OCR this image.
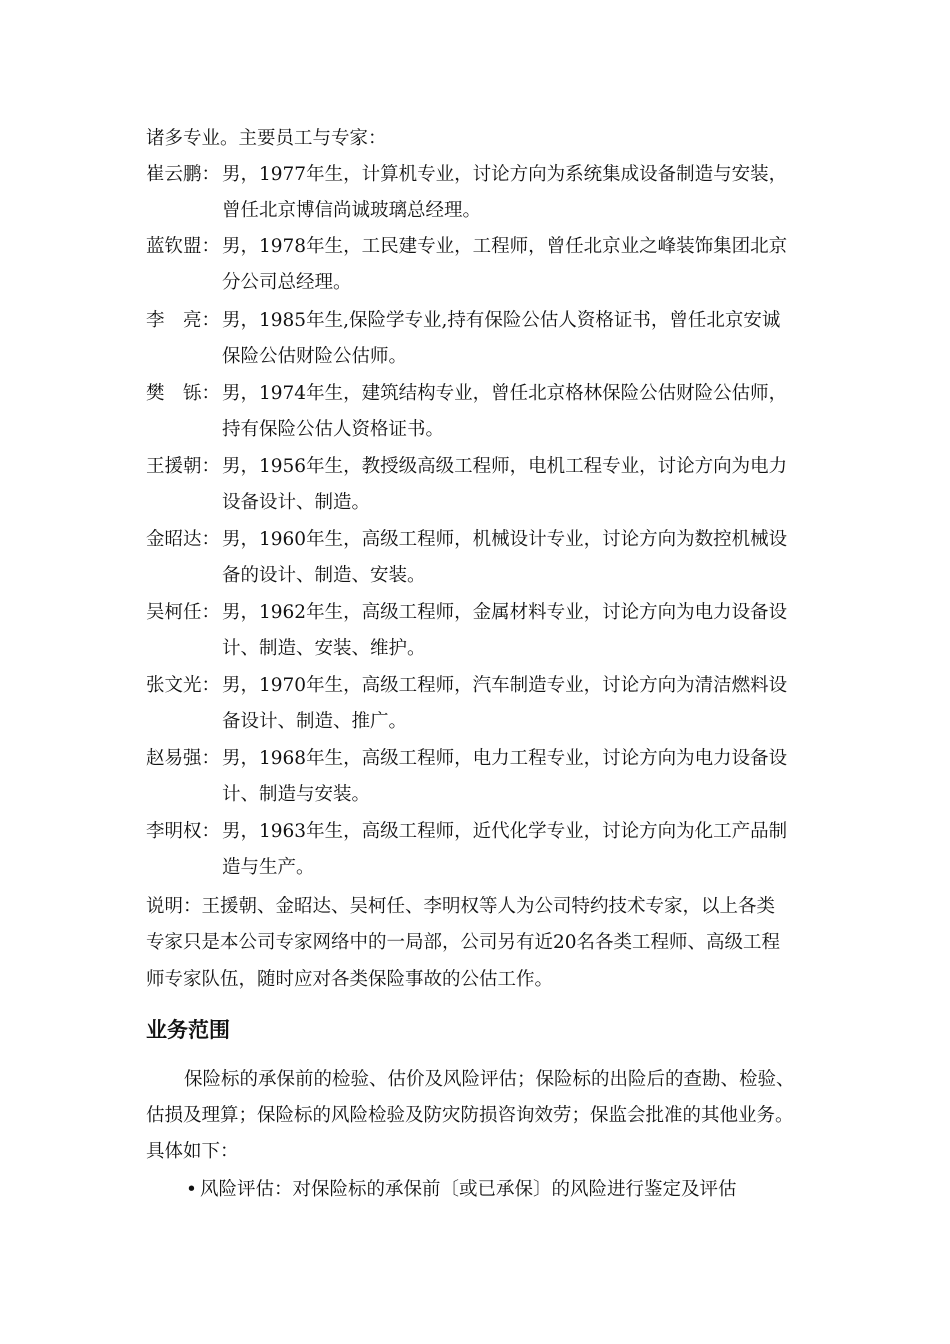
诸多专业。主要员工与专家：
崔云鹏： 男，1977年生，计算机专业，讨论方向为系统集成设备制造与安装，
曾任北京博信尚诚玻璃总经理。
蓝钦盟： 男，1978年生，工民建专业，工程师，曾任北京业之峰装饰集团北京
分公司总经理。
李　亮： 男，1985年生,保险学专业,持有保险公估人资格证书，曾任北京安诚
保险公估财险公估师。
樊　铄： 男，1974年生，建筑结构专业，曾任北京格林保险公估财险公估师，
持有保险公估人资格证书。
王援朝： 男，1956年生，教授级高级工程师，电机工程专业，讨论方向为电力
设备设计、制造。
金昭达： 男，1960年生，高级工程师，机械设计专业，讨论方向为数控机械设
备的设计、制造、安装。
吴柯任： 男，1962年生，高级工程师，金属材料专业，讨论方向为电力设备设
计、制造、安装、维护。
张文光： 男，1970年生，高级工程师，汽车制造专业，讨论方向为清洁燃料设
备设计、制造、推广。
赵易强： 男，1968年生，高级工程师，电力工程专业，讨论方向为电力设备设
计、制造与安装。
李明权： 男，1963年生，高级工程师，近代化学专业，讨论方向为化工产品制
造与生产。
说明：王援朝、金昭达、吴柯任、李明权等人为公司特约技术专家，以上各类
专家只是本公司专家网络中的一局部，公司另有近20名各类工程师、高级工程
师专家队伍，随时应对各类保险事故的公估工作。
业务范围
保险标的承保前的检验、估价及风险评估；保险标的出险后的查勘、检验、
估损及理算；保险标的风险检验及防灾防损咨询效劳；保监会批准的其他业务。
具体如下：
• 风险评估：对保险标的承保前〔或已承保〕的风险进行鉴定及评估
